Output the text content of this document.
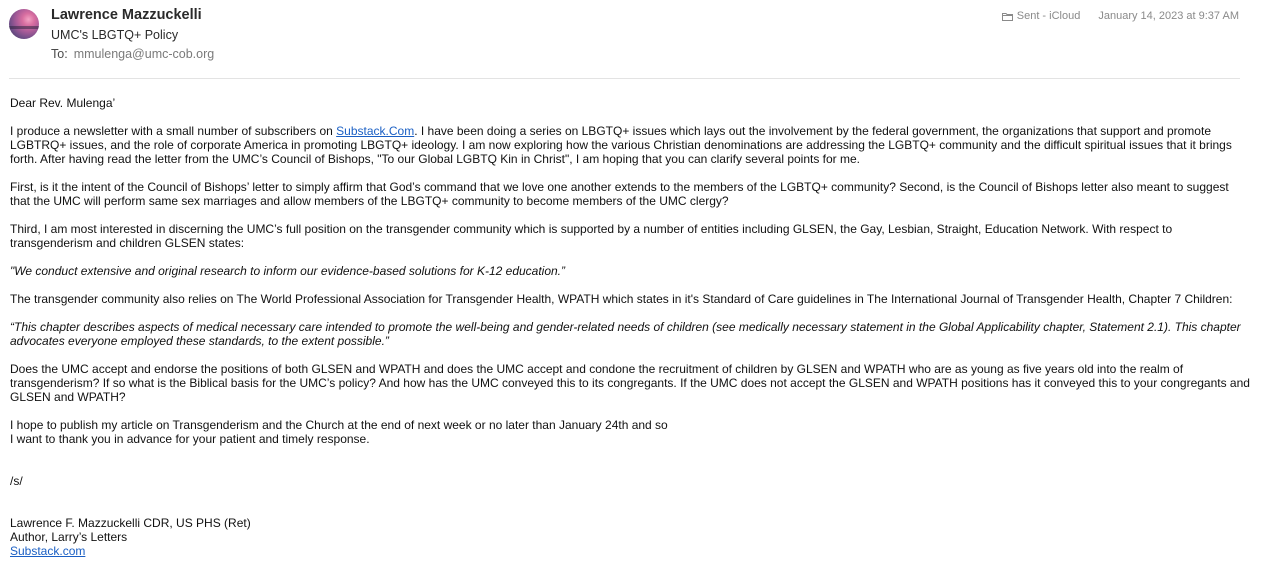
Lawrence Mazzuckelli
UMC's LBGTQ+ Policy
To: mmulenga@umc-cob.org
Sent - iCloud January 14, 2023 at 9:37 AM

Dear Rev. Mulenga’

I produce a newsletter with a small number of subscribers on Substack.Com. I have been doing a series on LBGTQ+ issues which lays out the involvement by the federal government, the organizations that support and promote LGBTRQ+ issues, and the role of corporate America in promoting LBGTQ+ ideology. I am now exploring how the various Christian denominations are addressing the LGBTQ+ community and the difficult spiritual issues that it brings forth. After having read the letter from the UMC’s Council of Bishops, "To our Global LGBTQ Kin in Christ", I am hoping that you can clarify several points for me.

First, is it the intent of the Council of Bishops’ letter to simply affirm that God’s command that we love one another extends to the members of the LGBTQ+ community? Second, is the Council of Bishops letter also meant to suggest that the UMC will perform same sex marriages and allow members of the LBGTQ+ community to become members of the UMC clergy?

Third, I am most interested in discerning the UMC’s full position on the transgender community which is supported by a number of entities including GLSEN, the Gay, Lesbian, Straight, Education Network. With respect to transgenderism and children GLSEN states:

"We conduct extensive and original research to inform our evidence-based solutions for K-12 education.”

The transgender community also relies on The World Professional Association for Transgender Health, WPATH which states in it's Standard of Care guidelines in The International Journal of Transgender Health, Chapter 7 Children:

“This chapter describes aspects of medical necessary care intended to promote the well-being and gender-related needs of children (see medically necessary statement in the Global Applicability chapter, Statement 2.1). This chapter advocates everyone employed these standards, to the extent possible.”

Does the UMC accept and endorse the positions of both GLSEN and WPATH and does the UMC accept and condone the recruitment of children by GLSEN and WPATH who are as young as five years old into the realm of transgenderism? If so what is the Biblical basis for the UMC’s policy? And how has the UMC conveyed this to its congregants. If the UMC does not accept the GLSEN and WPATH positions has it conveyed this to your congregants and GLSEN and WPATH?

I hope to publish my article on Transgenderism and the Church at the end of next week or no later than January 24th and so
I want to thank you in advance for your patient and timely response.

/s/

Lawrence F. Mazzuckelli CDR, US PHS (Ret)
Author, Larry’s Letters
Substack.com
